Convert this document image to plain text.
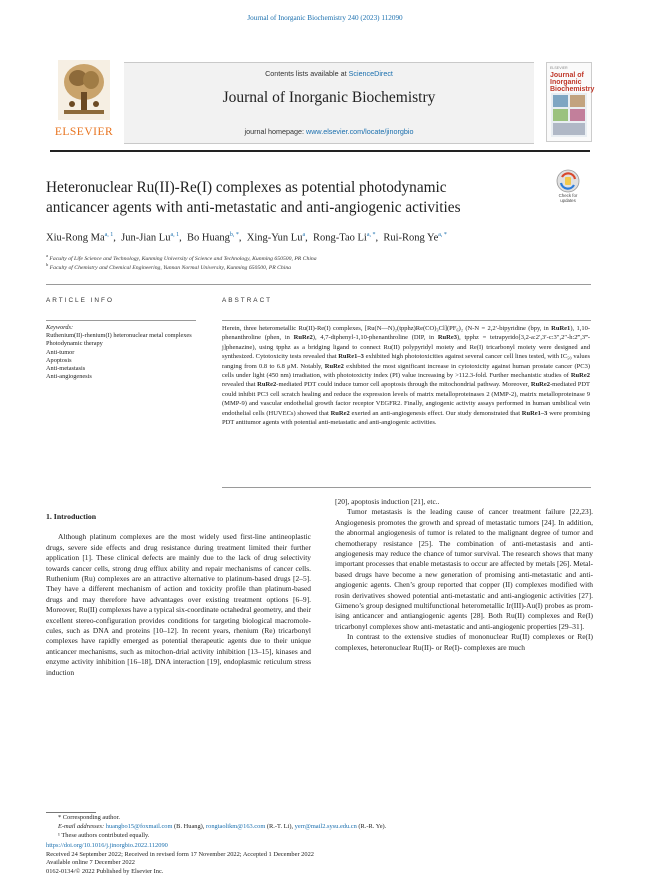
Journal of Inorganic Biochemistry 240 (2023) 112090
ELSEVIER
Contents lists available at ScienceDirect
Journal of Inorganic Biochemistry
journal homepage: www.elsevier.com/locate/jinorgbio
ELSEVIER
Journal of
Inorganic
Biochemistry
Heteronuclear Ru(II)-Re(I) complexes as potential photodynamic
anticancer agents with anti-metastatic and anti-angiogenic activities
Check for updates
Xiu-Rong Ma$^{a, 1}$,  Jun-Jian Lu$^{a, 1}$,  Bo Huang$^{b, *}$,  Xing-Yun Lu$^a$,  Rong-Tao $Li^{a, *}$,  Rui-Rong $Ye^{a, *}$
$^a$ Faculty of Life Science and Technology, Kunming University of Science and Technology, Kunming 650500, PR China
$^b$ Faculty of Chemistry and Chemical Engineering, Yunnan Normal University, Kunming 650500, PR China
ARTICLE INFO	ABSTRACT
Keywords:
Ruthenium(II)-rhenium(I) heteronuclear metal complexes
Photodynamic therapy
Anti-tumor
Apoptosis
Anti-metastasis
Anti-angiogenesis
Herein, three heterometallic Ru(II)-Re(I) complexes, [Ru(N—N)₂(tpphz)Re(CO)₃Cl](PF₆)₂ (N-N = 2,2′-bipyridine (bpy, in RuRe1), 1,10-phenanthroline (phen, in RuRe2), 4,7-diphenyl-1,10-phenanthroline (DIP, in RuRe3), tpphz = tetrapyrido[3,2-a:2′,3′-c:3″,2″-h:2‴,3‴-j]phenazine), using tpphz as a bridging ligand to connect Ru(II) polypyridyl moiety and Re(I) tricarbonyl moiety were designed and synthesized. Cytotoxicity tests revealed that RuRe1–3 exhibited high phototoxicities against several cancer cell lines tested, with IC₅₀ values ranging from 0.8 to 6.8 μM. Notably, RuRe2 exhibited the most significant increase in cytotoxicity against human prostate cancer (PC3) cells under light (450 nm) irradiation, with phototoxicity index (PI) value increasing by >112.3-fold. Further mechanistic studies of RuRe2 revealed that RuRe2-mediated PDT could induce tumor cell apoptosis through the mitochondrial pathway. Moreover, RuRe2-mediated PDT could inhibit PC3 cell scratch healing and reduce the expression levels of matrix metalloproteinases 2 (MMP-2), matrix metalloproteinase 9 (MMP-9) and vascular endothelial growth factor receptor VEGFR2. Finally, angiogenic activity assays performed in human umbilical vein endothelial cells (HUVECs) showed that RuRe2 exerted an anti-angiogenesis effect. Our study demonstrated that RuRe1–3 were promising PDT antitumor agents with potential anti-metastatic and anti-angiogenic activities.
1. Introduction

Although platinum complexes are the most widely used first-line antineoplastic drugs, severe side effects and drug resistance during treatment limited their further application [1]. These clinical defects are mainly due to the lack of drug selectivity towards cancer cells, strong drug efflux ability and repair mechanisms of cancer cells. Ruthenium (Ru) complexes are an attractive alternative to platinum-based drugs [2–5]. They have a different mechanism of action and toxicity profile than platinum-based drugs and may therefore have advantages over existing treatment options [6–9]. Moreover, Ru(II) complexes have a typical six-coordinate octahedral geometry, and their excellent stereo-configuration provides conditions for targeting biological macromole-cules, such as DNA and proteins [10–12]. In recent years, rhenium (Re) tricarbonyl complexes have rapidly emerged as potential therapeutic agents due to their unique anticancer mechanisms, such as mitochon-drial activity inhibition [13–15], kinases and enzyme activity inhibition [16–18], DNA interaction [19], endoplasmic reticulum stress induction

[20], apoptosis induction [21], etc..

Tumor metastasis is the leading cause of cancer treatment failure [22,23]. Angiogenesis promotes the growth and spread of metastatic tumors [24]. In addition, the abnormal angiogenesis of tumor is related to the malignant degree of tumor and chemotherapy resistance [25]. The combination of anti-metastasis and anti-angiogenesis may reduce the chance of tumor survival. The research shows that many important processes that enable metastasis to occur are affected by metals [26]. Metal-based drugs have become a new generation of promising anti-metastatic and anti-angiogenic agents. Chen’s group reported that copper (II) complexes modified with rosin derivatives showed potential anti-metastatic and anti-angiogenic activities [27]. Gimeno’s group designed multifunctional heterometallic Ir(III)-Au(I) probes as prom-ising anticancer and antiangiogenic agents [28]. Both Ru(II) complexes and Re(I) tricarbonyl complexes show anti-metastatic and anti-angiogenic properties [29–31].

In contrast to the extensive studies of mononuclear Ru(II) complexes or Re(I) complexes, heteronuclear Ru(II)- or Re(I)- complexes are much

* Corresponding author.
E-mail addresses: huangbo15@foxmail.com (B. Huang), rongtaolikm@163.com (R.-T. Li), yerr@mail2.sysu.edu.cn (R.-R. Ye).
¹ These authors contributed equally.
https://doi.org/10.1016/j.jinorgbio.2022.112090
Received 24 September 2022; Received in revised form 17 November 2022; Accepted 1 December 2022
Available online 7 December 2022
0162-0134/© 2022 Published by Elsevier Inc.
